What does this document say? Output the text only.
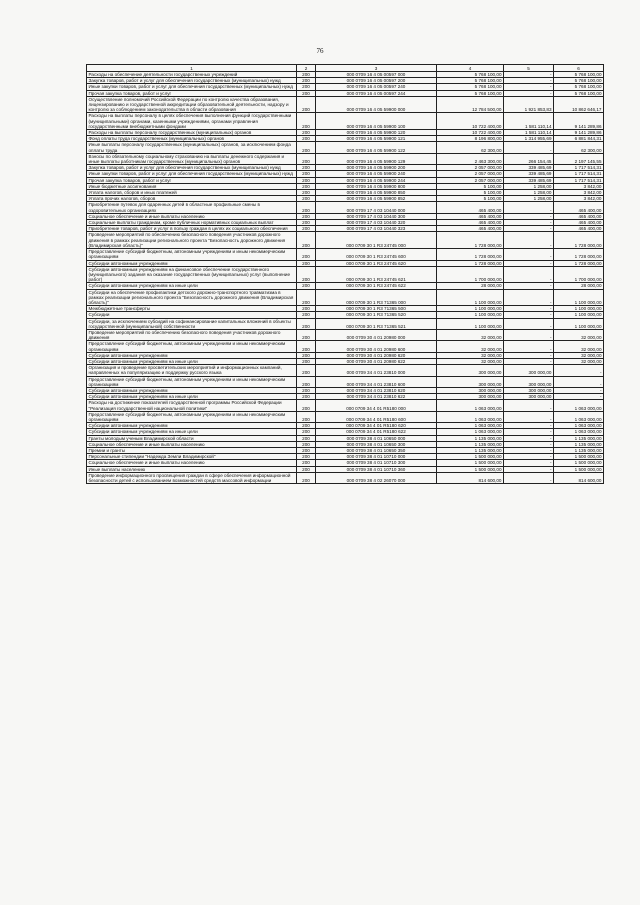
76
1	2	3	4	5	6
Расходы на обеспечение деятельности государственных учреждений	200	000 0709 16 4 05 00597 000	5 768 100,00	-	5 768 100,00
Закупка товаров, работ и услуг для обеспечения государственных (муниципальных) нужд	200	000 0709 16 4 05 00597 200	5 768 100,00	-	5 768 100,00
Иные закупки товаров, работ и услуг для обеспечения государственных (муниципальных) нужд	200	000 0709 16 4 05 00597 240	5 768 100,00	-	5 768 100,00
Прочая закупка товаров, работ и услуг	200	000 0709 16 4 05 00597 244	5 768 100,00	-	5 768 100,00
Осуществление полномочий Российской Федерации по контролю качества образования, лицензированию и государственной аккредитации образовательной деятельности, надзору и контролю за соблюдением законодательства в области образования	200	000 0709 16 4 05 59900 000	12 784 500,00	1 921 853,83	10 862 646,17
Расходы на выплаты персоналу в целях обеспечения выполнения функций государственными (муниципальными) органами, казенными учреждениями, органами управления государственными внебюджетными фондами	200	000 0709 16 4 05 59900 100	10 722 400,00	1 581 110,14	9 141 289,86
Расходы на выплаты персоналу государственных (муниципальных) органов	200	000 0709 16 4 05 59900 120	10 722 400,00	1 581 110,14	9 141 289,86
Фонд оплаты труда государственных (муниципальных) органов	200	000 0709 16 4 05 59900 121	8 196 800,00	1 314 955,69	6 881 844,31
Иные выплаты персоналу государственных (муниципальных) органов, за исключением фонда оплаты труда	200	000 0709 16 4 05 59900 122	62 300,00	-	62 300,00
Взносы по обязательному социальному страхованию на выплаты денежного содержания и иные выплаты работникам государственных (муниципальных) органов	200	000 0709 16 4 05 59900 129	2 463 300,00	266 154,45	2 197 145,55
Закупка товаров, работ и услуг для обеспечения государственных (муниципальных) нужд	200	000 0709 16 4 05 59900 200	2 057 000,00	339 485,69	1 717 514,31
Иные закупки товаров, работ и услуг для обеспечения государственных (муниципальных) нужд	200	000 0709 16 4 05 59900 240	2 057 000,00	339 485,69	1 717 514,31
Прочая закупка товаров, работ и услуг	200	000 0709 16 4 05 59900 244	2 057 000,00	339 485,69	1 717 514,31
Иные бюджетные ассигнования	200	000 0709 16 4 05 59900 800	5 100,00	1 258,00	3 842,00
Уплата налогов, сборов и иных платежей	200	000 0709 16 4 05 59900 850	5 100,00	1 258,00	3 842,00
Уплата прочих налогов, сборов	200	000 0709 16 4 05 59900 852	5 100,00	1 258,00	3 842,00
Приобретение путевок для одаренных детей в областные профильные смены в оздоровительных организациях	200	000 0709 17 4 03 10440 000	465 400,00	-	465 400,00
Социальное обеспечение и иные выплаты населению	200	000 0709 17 4 03 10440 300	465 400,00	-	465 400,00
Социальные выплаты гражданам, кроме публичных нормативных социальных выплат	200	000 0709 17 4 03 10440 320	465 400,00	-	465 400,00
Приобретение товаров, работ и услуг в пользу граждан в целях их социального обеспечения	200	000 0709 17 4 03 10440 323	465 400,00	-	465 400,00
Проведение мероприятий по обеспечению безопасного поведения участников дорожного движения в рамках реализации регионального проекта "Безопасность дорожного движения (Владимирская область)"	200	000 0709 30 1 R3 24745 000	1 728 000,00	-	1 728 000,00
Предоставление субсидий бюджетным, автономным учреждениям и иным некоммерческим организациям	200	000 0709 30 1 R3 24745 600	1 728 000,00	-	1 728 000,00
Субсидии автономным учреждениям	200	000 0709 30 1 R3 24745 620	1 728 000,00	-	1 728 000,00
Субсидии автономным учреждениям на финансовое обеспечение государственного (муниципального) задания на оказание государственных (муниципальных) услуг (выполнение работ)	200	000 0709 30 1 R3 24745 621	1 700 000,00	-	1 700 000,00
Субсидии автономным учреждениям на иные цели	200	000 0709 30 1 R3 24745 622	28 000,00	-	28 000,00
Субсидии на обеспечение профилактики детского дорожно-транспортного травматизма в рамках реализации регионального проекта "Безопасность дорожного движения (Владимирская область)"	200	000 0709 30 1 R3 71365 000	1 100 000,00	-	1 100 000,00
Межбюджетные трансферты	200	000 0709 30 1 R3 71365 500	1 100 000,00	-	1 100 000,00
Субсидии	200	000 0709 30 1 R3 71365 520	1 100 000,00	-	1 100 000,00
Субсидии, за исключением субсидий на софинансирование капитальных вложений в объекты государственной (муниципальной) собственности	200	000 0709 30 1 R3 71365 521	1 100 000,00	-	1 100 000,00
Проведение мероприятий по обеспечению безопасного поведения участников дорожного движения	200	000 0709 30 4 01 20980 000	32 000,00	-	32 000,00
Предоставление субсидий бюджетным, автономным учреждениям и иным некоммерческим организациям	200	000 0709 30 4 01 20980 600	32 000,00	-	32 000,00
Субсидии автономным учреждениям	200	000 0709 30 4 01 20980 620	32 000,00	-	32 000,00
Субсидии автономным учреждениям на иные цели	200	000 0709 30 4 01 20980 622	32 000,00	-	32 000,00
Организация и проведение просветительских мероприятий и информационных кампаний, направленных на популяризацию и поддержку русского языка	200	000 0709 34 4 01 23810 000	300 000,00	300 000,00	-
Предоставление субсидий бюджетным, автономным учреждениям и иным некоммерческим организациям	200	000 0709 34 4 01 23810 600	300 000,00	300 000,00	-
Субсидии автономным учреждениям	200	000 0709 34 4 01 23810 620	300 000,00	300 000,00	-
Субсидии автономным учреждениям на иные цели	200	000 0709 34 4 01 23810 622	300 000,00	300 000,00	-
Расходы на достижение показателей государственной программы Российской Федерации "Реализация государственной национальной политики"	200	000 0709 34 4 01 R5180 000	1 063 000,00	-	1 063 000,00
Предоставление субсидий бюджетным, автономным учреждениям и иным некоммерческим организациям	200	000 0709 34 4 01 R5180 600	1 063 000,00	-	1 063 000,00
Субсидии автономным учреждениям	200	000 0709 34 4 01 R5180 620	1 063 000,00	-	1 063 000,00
Субсидии автономным учреждениям на иные цели	200	000 0709 34 4 01 R5180 622	1 063 000,00	-	1 063 000,00
Гранты молодым ученым Владимирской области	200	000 0709 38 4 01 10650 000	1 135 000,00	-	1 135 000,00
Социальное обеспечение и иные выплаты населению	200	000 0709 38 4 01 10650 300	1 135 000,00	-	1 135 000,00
Премии и гранты	200	000 0709 38 4 01 10650 350	1 135 000,00	-	1 135 000,00
Персональные стипендии "Надежда Земли Владимирской"	200	000 0709 38 4 01 10710 000	1 500 000,00	-	1 500 000,00
Социальное обеспечение и иные выплаты населению	200	000 0709 38 4 01 10710 300	1 500 000,00	-	1 500 000,00
Иные выплаты населению	200	000 0709 38 4 01 10710 360	1 500 000,00	-	1 500 000,00
Проведение информационного просвещения граждан в сфере обеспечения информационной безопасности детей с использованием возможностей средств массовой информации	200	000 0709 38 4 02 26070 000	814 600,00	-	814 600,00
